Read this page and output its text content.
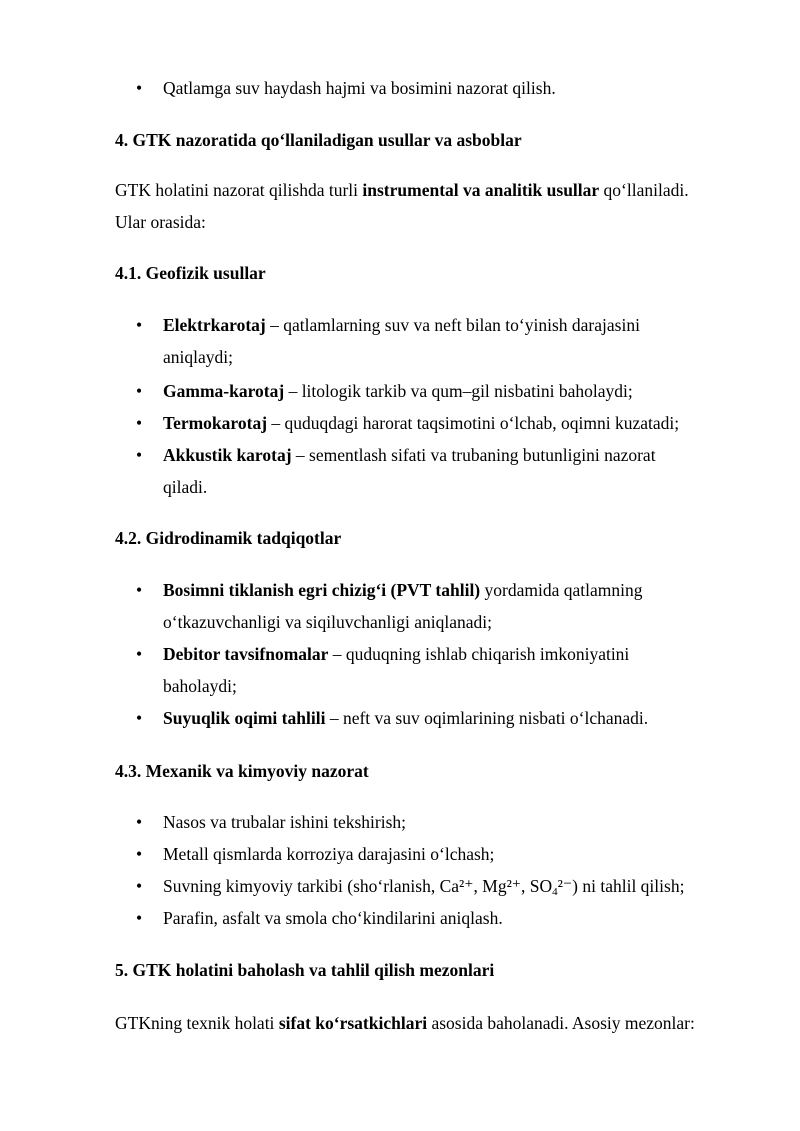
• Qatlamga suv haydash hajmi va bosimini nazorat qilish.
4. GTK nazoratida qo‘llaniladigan usullar va asboblar
GTK holatini nazorat qilishda turli instrumental va analitik usullar qo‘llaniladi.
Ular orasida:
4.1. Geofizik usullar
• Elektrkarotaj – qatlamlarning suv va neft bilan to‘yinish darajasini
aniqlaydi;
• Gamma-karotaj – litologik tarkib va qum–gil nisbatini baholaydi;
• Termokarotaj – quduqdagi harorat taqsimotini o‘lchab, oqimni kuzatadi;
• Akkustik karotaj – sementlash sifati va trubaning butunligini nazorat
qiladi.
4.2. Gidrodinamik tadqiqotlar
• Bosimni tiklanish egri chizig‘i (PVT tahlil) yordamida qatlamning
o‘tkazuvchanligi va siqiluvchanligi aniqlanadi;
• Debitor tavsifnomalar – quduqning ishlab chiqarish imkoniyatini
baholaydi;
• Suyuqlik oqimi tahlili – neft va suv oqimlarining nisbati o‘lchanadi.
4.3. Mexanik va kimyoviy nazorat
• Nasos va trubalar ishini tekshirish;
• Metall qismlarda korroziya darajasini o‘lchash;
• Suvning kimyoviy tarkibi (sho‘rlanish, Ca²⁺, Mg²⁺, $SO_4^{2-}$) ni tahlil qilish;
• Parafin, asfalt va smola cho‘kindilarini aniqlash.
5. GTK holatini baholash va tahlil qilish mezonlari
GTKning texnik holati sifat ko‘rsatkichlari asosida baholanadi. Asosiy mezonlar:
